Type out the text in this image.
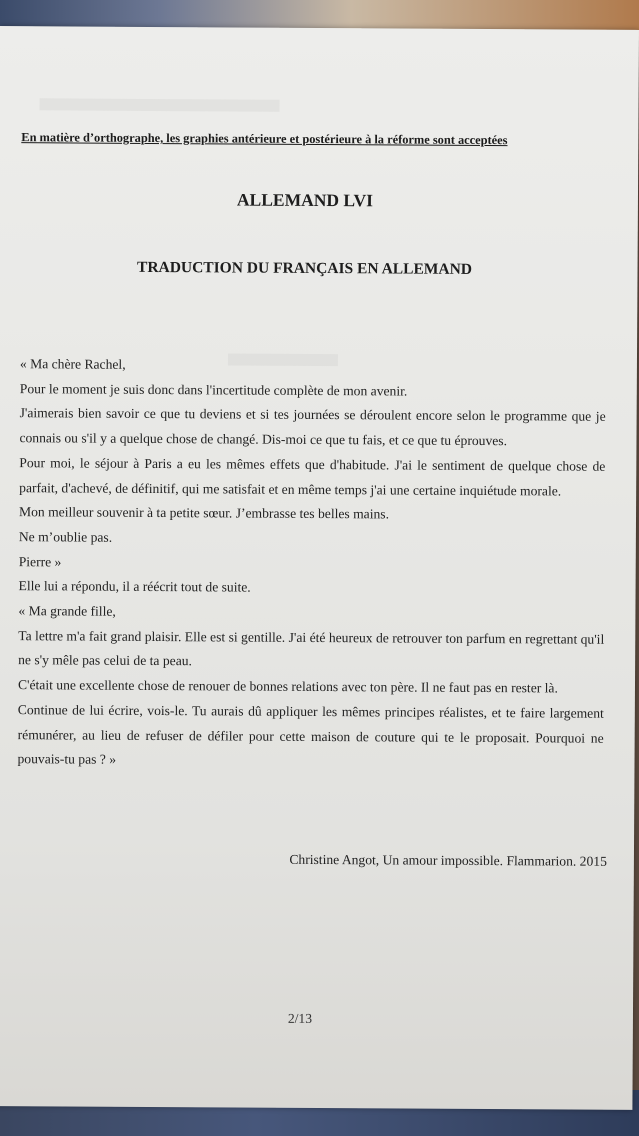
En matière d’orthographe, les graphies antérieure et postérieure à la réforme sont acceptées
ALLEMAND LVI
TRADUCTION DU FRANÇAIS EN ALLEMAND

« Ma chère Rachel,

Pour le moment je suis donc dans l'incertitude complète de mon avenir.

J'aimerais bien savoir ce que tu deviens et si tes journées se déroulent encore selon le programme que je connais ou s'il y a quelque chose de changé. Dis-moi ce que tu fais, et ce que tu éprouves.

Pour moi, le séjour à Paris a eu les mêmes effets que d'habitude. J'ai le sentiment de quelque chose de parfait, d'achevé, de définitif, qui me satisfait et en même temps j'ai une certaine inquiétude morale.

Mon meilleur souvenir à ta petite sœur. J’embrasse tes belles mains.

Ne m’oublie pas.

Pierre »

Elle lui a répondu, il a réécrit tout de suite.

« Ma grande fille,

Ta lettre m'a fait grand plaisir. Elle est si gentille. J'ai été heureux de retrouver ton parfum en regrettant qu'il ne s'y mêle pas celui de ta peau.

C'était une excellente chose de renouer de bonnes relations avec ton père. Il ne faut pas en rester là.

Continue de lui écrire, vois-le. Tu aurais dû appliquer les mêmes principes réalistes, et te faire largement rémunérer, au lieu de refuser de défiler pour cette maison de couture qui te le proposait. Pourquoi ne pouvais-tu pas ? »

Christine Angot, Un amour impossible. Flammarion. 2015
2/13
